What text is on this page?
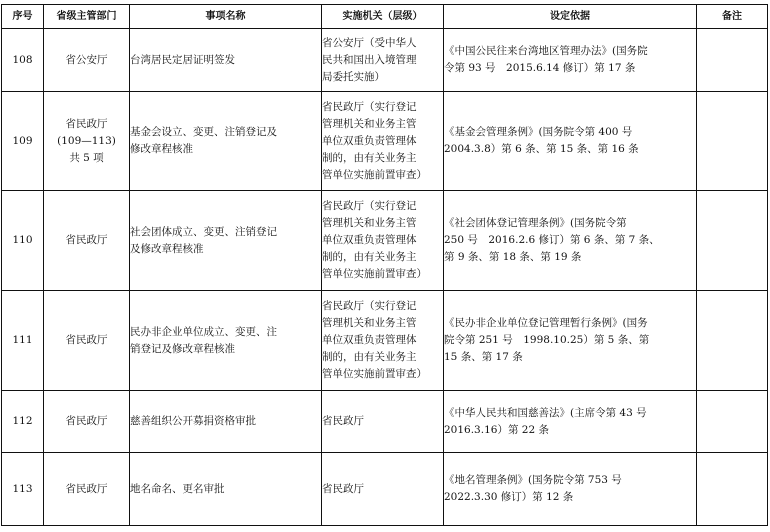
序号	省级主管部门	事项名称	实施机关（层级）	设定依据	备注
108	省公安厅	台湾居民定居证明签发	省公安厅（受中华人
民共和国出入境管理
局委托实施）	《中国公民往来台湾地区管理办法》(国务院
令第 93 号　2015.6.14 修订）第 17 条	

109	省民政厅
(109—113)
共 5 项	基金会设立、变更、注销登记及
修改章程核准	省民政厅（实行登记
管理机关和业务主管
单位双重负责管理体
制的，由有关业务主
管单位实施前置审查）	《基金会管理条例》(国务院令第 400 号
2004.3.8）第 6 条、第 15 条、第 16 条	

110	省民政厅	社会团体成立、变更、注销登记
及修改章程核准	省民政厅（实行登记
管理机关和业务主管
单位双重负责管理体
制的，由有关业务主
管单位实施前置审查）	《社会团体登记管理条例》(国务院令第
250 号　2016.2.6 修订）第 6 条、第 7 条、
第 9 条、第 18 条、第 19 条	

111	省民政厅	民办非企业单位成立、变更、注
销登记及修改章程核准	省民政厅（实行登记
管理机关和业务主管
单位双重负责管理体
制的，由有关业务主
管单位实施前置审查）	《民办非企业单位登记管理暂行条例》(国务
院令第 251 号　1998.10.25）第 5 条、第
15 条、第 17 条	

112	省民政厅	慈善组织公开募捐资格审批	省民政厅	《中华人民共和国慈善法》(主席令第 43 号
2016.3.16）第 22 条	

113	省民政厅	地名命名、更名审批	省民政厅	《地名管理条例》(国务院令第 753 号
2022.3.30 修订）第 12 条	
